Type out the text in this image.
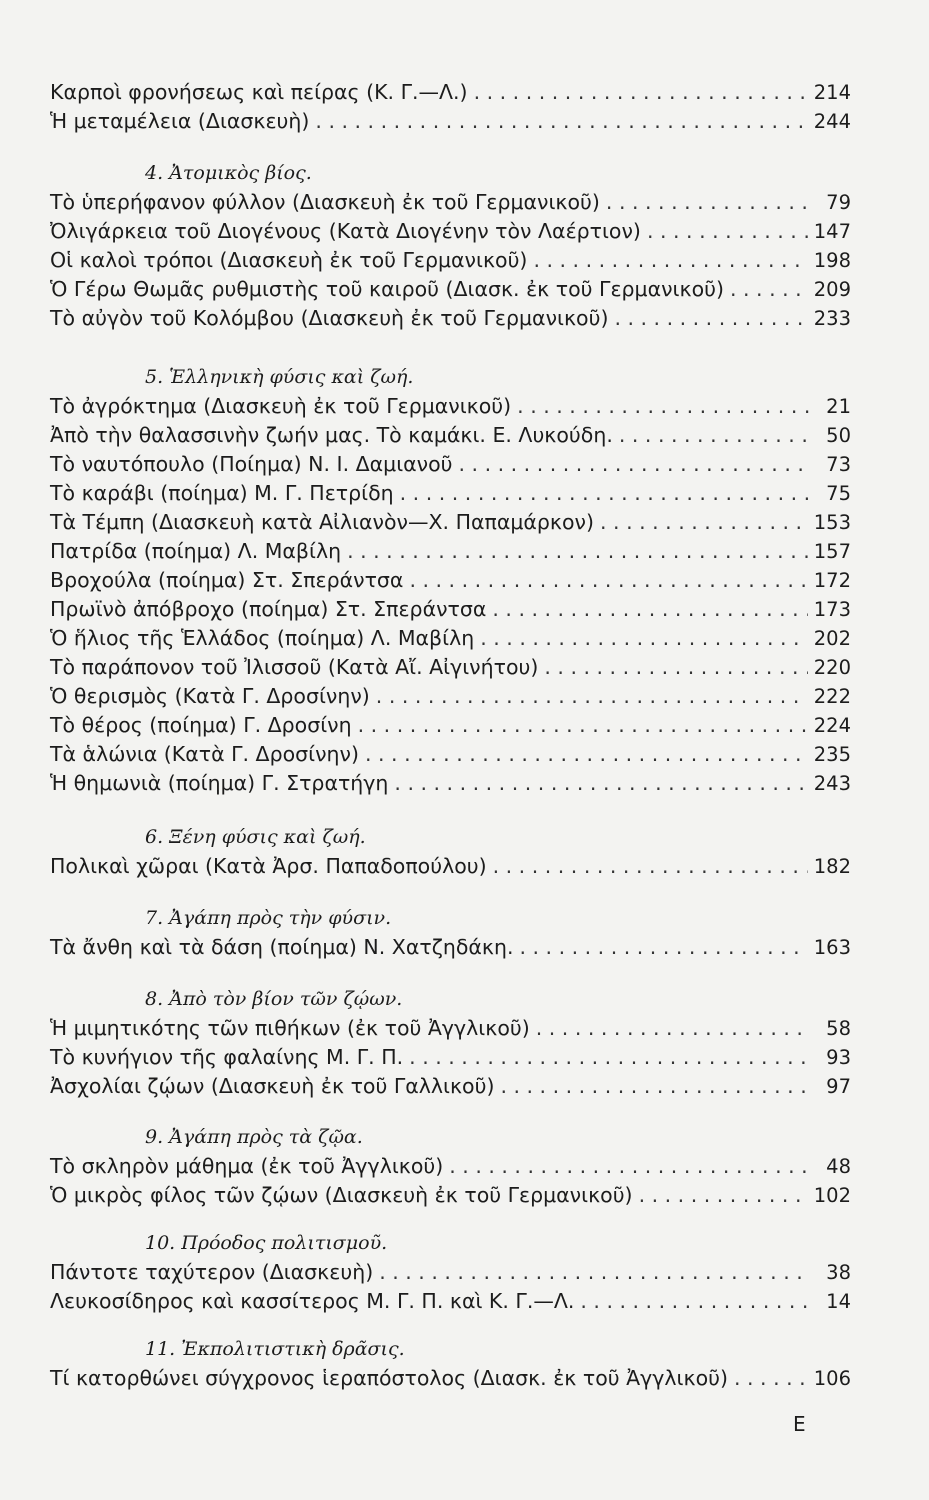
Καρποὶ φρονήσεως καὶ πείρας (Κ. Γ.—Λ.) . . .	214
Ἡ μεταμέλεια (Διασκευὴ) . . .	244
4. Ἀτομικὸς βίος.
Τὸ ὑπερήφανον φύλλον (Διασκευὴ ἐκ τοῦ Γερμανικοῦ) . . .	79
Ὀλιγάρκεια τοῦ Διογένους (Κατὰ Διογένην τὸν Λαέρτιον) . . .	147
Οἱ καλοὶ τρόποι (Διασκευὴ ἐκ τοῦ Γερμανικοῦ) . . .	198
Ὁ Γέρω Θωμᾶς ρυθμιστὴς τοῦ καιροῦ (Διασκ. ἐκ τοῦ Γερμανικοῦ) . . .	209
Τὸ αὐγὸν τοῦ Κολόμβου (Διασκευὴ ἐκ τοῦ Γερμανικοῦ) . . .	233
5. Ἑλληνικὴ φύσις καὶ ζωή.
Τὸ ἀγρόκτημα (Διασκευὴ ἐκ τοῦ Γερμανικοῦ) . . .	21
Ἀπὸ τὴν θαλασσινὴν ζωήν μας. Τὸ καμάκι. Ε. Λυκούδη. . . .	50
Τὸ ναυτόπουλο (Ποίημα) Ν. Ι. Δαμιανοῦ . . .	73
Τὸ καράβι (ποίημα) Μ. Γ. Πετρίδη . . .	75
Τὰ Τέμπη (Διασκευὴ κατὰ Αἰλιανὸν—Χ. Παπαμάρκον) . . .	153
Πατρίδα (ποίημα) Λ. Μαβίλη . . .	157
Βροχούλα (ποίημα) Στ. Σπεράντσα . . .	172
Πρωϊνὸ ἀπόβροχο (ποίημα) Στ. Σπεράντσα . . .	173
Ὁ ἥλιος τῆς Ἑλλάδος (ποίημα) Λ. Μαβίλη . . .	202
Τὸ παράπονον τοῦ Ἰλισσοῦ (Κατὰ Αἴ. Αἰγινήτου) . . .	220
Ὁ θερισμὸς (Κατὰ Γ. Δροσίνην) . . .	222
Τὸ θέρος (ποίημα) Γ. Δροσίνη . . .	224
Τὰ ἁλώνια (Κατὰ Γ. Δροσίνην) . . .	235
Ἡ θημωνιὰ (ποίημα) Γ. Στρατήγη . . .	243
6. Ξένη φύσις καὶ ζωή.
Πολικαὶ χῶραι (Κατὰ Ἀρσ. Παπαδοπούλου) . . .	182
7. Ἀγάπη πρὸς τὴν φύσιν.
Τὰ ἄνθη καὶ τὰ δάση (ποίημα) Ν. Χατζηδάκη. . . .	163
8. Ἀπὸ τὸν βίον τῶν ζῴων.
Ἡ μιμητικότης τῶν πιθήκων (ἐκ τοῦ Ἀγγλικοῦ) . . .	58
Τὸ κυνήγιον τῆς φαλαίνης Μ. Γ. Π. . . .	93
Ἀσχολίαι ζῴων (Διασκευὴ ἐκ τοῦ Γαλλικοῦ) . . .	97
9. Ἀγάπη πρὸς τὰ ζῷα.
Τὸ σκληρὸν μάθημα (ἐκ τοῦ Ἀγγλικοῦ) . . .	48
Ὁ μικρὸς φίλος τῶν ζῴων (Διασκευὴ ἐκ τοῦ Γερμανικοῦ) . . .	102
10. Πρόοδος πολιτισμοῦ.
Πάντοτε ταχύτερον (Διασκευὴ) . . .	38
Λευκοσίδηρος καὶ κασσίτερος Μ. Γ. Π. καὶ Κ. Γ.—Λ. . . .	14
11. Ἐκπολιτιστικὴ δρᾶσις.
Τί κατορθώνει σύγχρονος ἱεραπόστολος (Διασκ. ἐκ τοῦ Ἀγγλικοῦ) . . .	106
Ε
